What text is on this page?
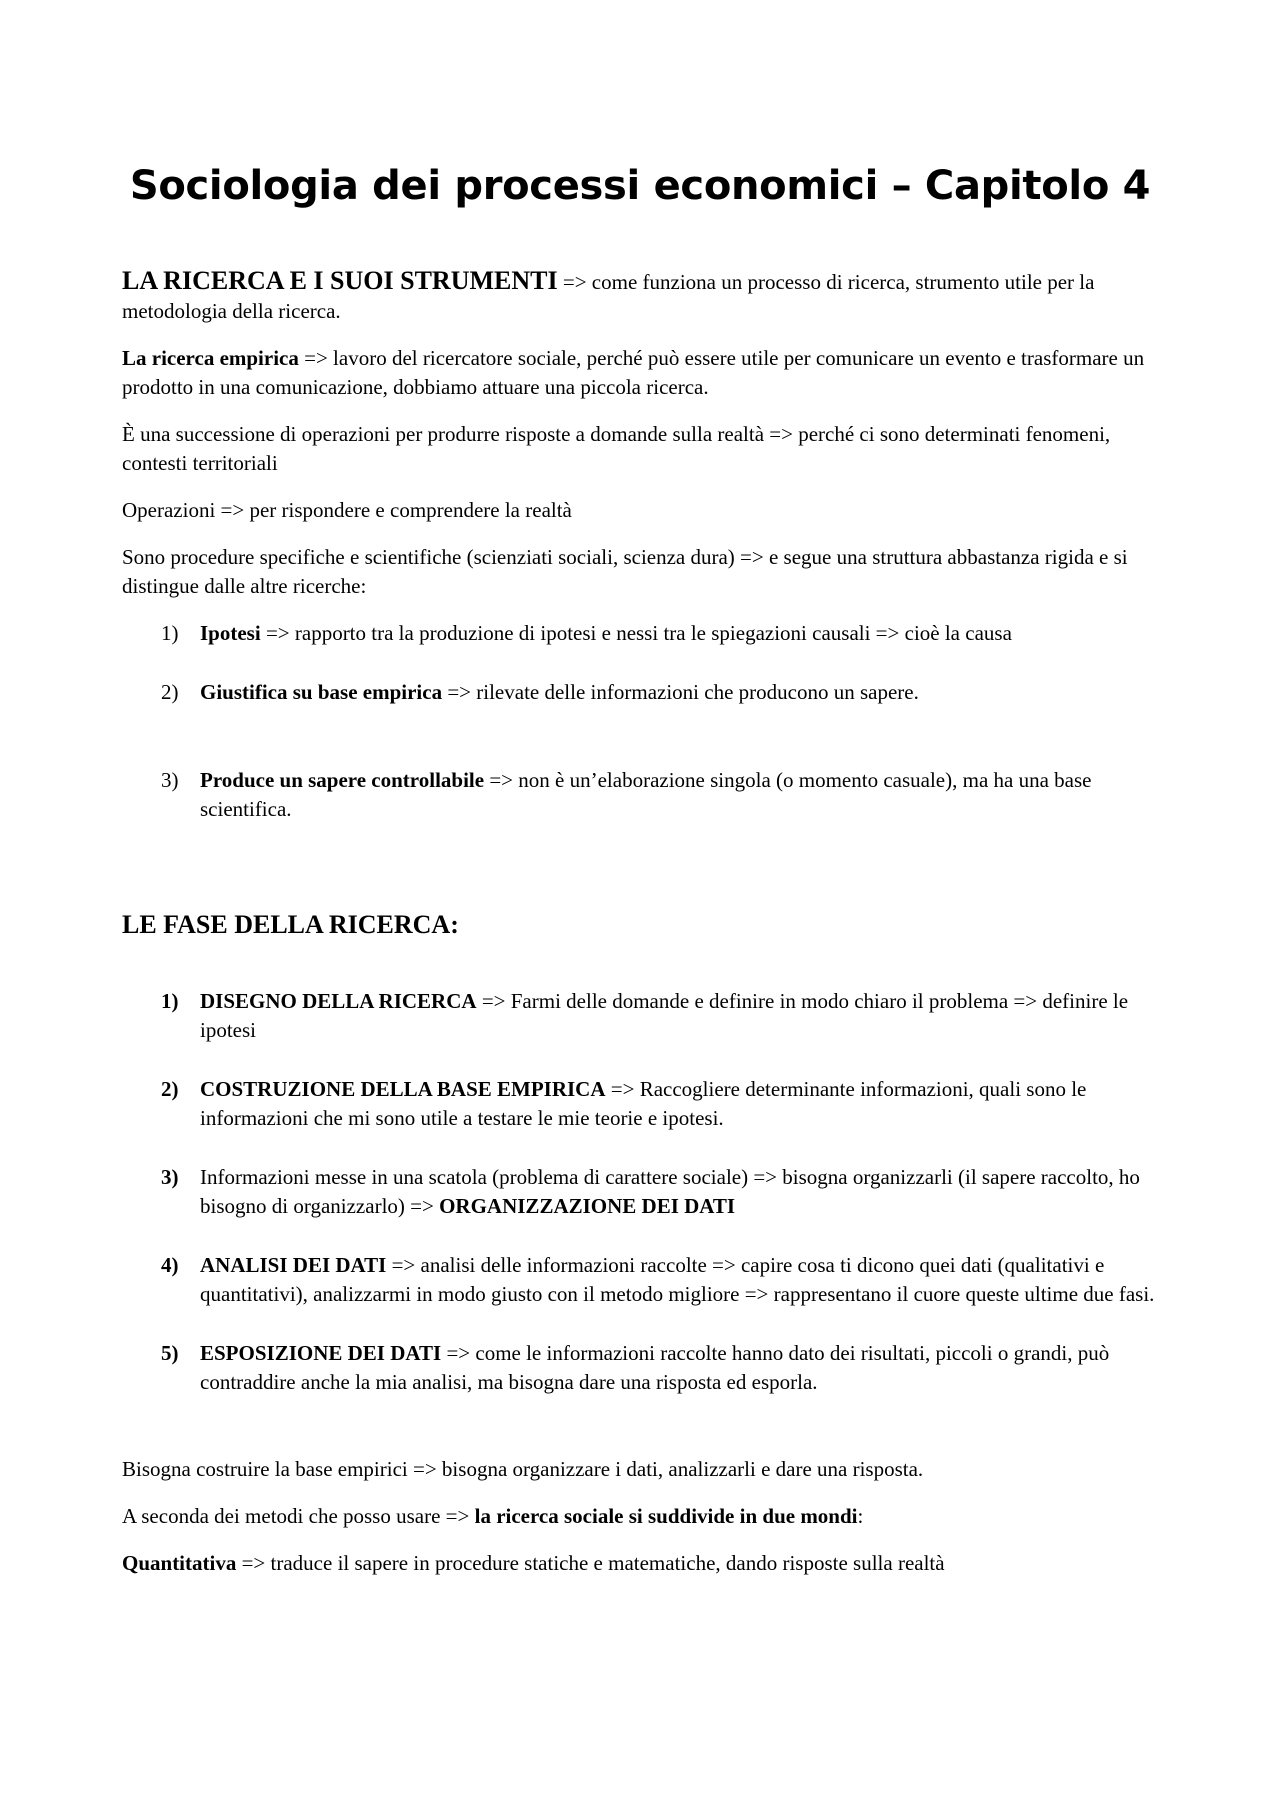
Sociologia dei processi economici – Capitolo 4

LA RICERCA E I SUOI STRUMENTI => come funziona un processo di ricerca, strumento utile per la metodologia della ricerca.

La ricerca empirica => lavoro del ricercatore sociale, perché può essere utile per comunicare un evento e trasformare un prodotto in una comunicazione, dobbiamo attuare una piccola ricerca.

È una successione di operazioni per produrre risposte a domande sulla realtà => perché ci sono determinati fenomeni, contesti territoriali

Operazioni => per rispondere e comprendere la realtà

Sono procedure specifiche e scientifiche (scienziati sociali, scienza dura) => e segue una struttura abbastanza rigida e si distingue dalle altre ricerche:

1) Ipotesi => rapporto tra la produzione di ipotesi e nessi tra le spiegazioni causali => cioè la causa
2) Giustifica su base empirica => rilevate delle informazioni che producono un sapere.
3) Produce un sapere controllabile => non è un’elaborazione singola (o momento casuale), ma ha una base scientifica.
LE FASE DELLA RICERCA:
1) DISEGNO DELLA RICERCA => Farmi delle domande e definire in modo chiaro il problema => definire le ipotesi
2) COSTRUZIONE DELLA BASE EMPIRICA => Raccogliere determinante informazioni, quali sono le informazioni che mi sono utile a testare le mie teorie e ipotesi.
3) Informazioni messe in una scatola (problema di carattere sociale) => bisogna organizzarli (il sapere raccolto, ho bisogno di organizzarlo) => ORGANIZZAZIONE DEI DATI
4) ANALISI DEI DATI => analisi delle informazioni raccolte => capire cosa ti dicono quei dati (qualitativi e quantitativi), analizzarmi in modo giusto con il metodo migliore => rappresentano il cuore queste ultime due fasi.
5) ESPOSIZIONE DEI DATI => come le informazioni raccolte hanno dato dei risultati, piccoli o grandi, può contraddire anche la mia analisi, ma bisogna dare una risposta ed esporla.

Bisogna costruire la base empirici => bisogna organizzare i dati, analizzarli e dare una risposta.

A seconda dei metodi che posso usare => la ricerca sociale si suddivide in due mondi:

Quantitativa => traduce il sapere in procedure statiche e matematiche, dando risposte sulla realtà
